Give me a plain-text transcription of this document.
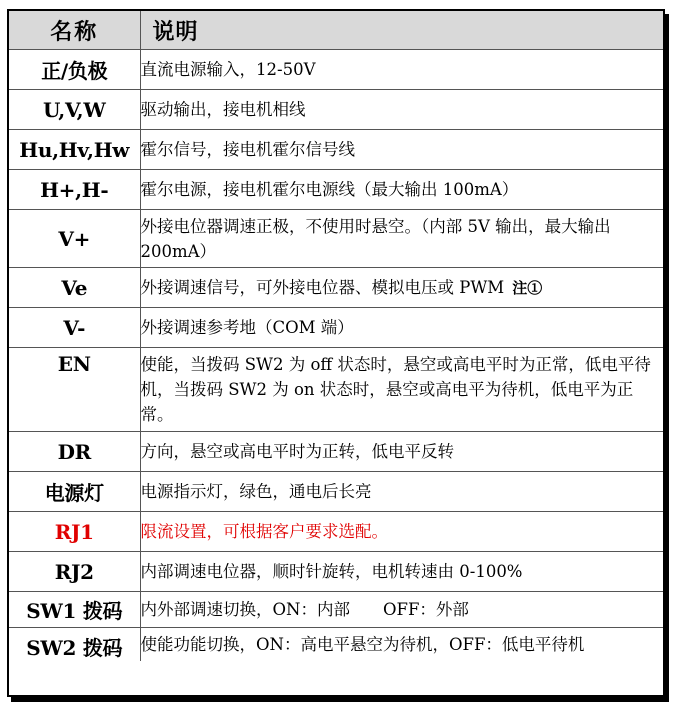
名称	说明
正/负极	直流电源输入，12-50V
U,V,W	驱动输出，接电机相线
Hu,Hv,Hw	霍尔信号，接电机霍尔信号线
H+,H-	霍尔电源，接电机霍尔电源线（最大输出 100mA）
V+	外接电位器调速正极，不使用时悬空。（内部 5V 输出，最大输出 200mA）
Ve	外接调速信号，可外接电位器、模拟电压或 PWM 注①
V-	外接调速参考地（COM 端）
EN	使能，当拨码 SW2 为 off 状态时，悬空或高电平时为正常，低电平待机，当拨码 SW2 为 on 状态时，悬空或高电平为待机，低电平为正常。
DR	方向，悬空或高电平时为正转，低电平反转
电源灯	电源指示灯，绿色，通电后长亮
RJ1	限流设置，可根据客户要求选配。
RJ2	内部调速电位器，顺时针旋转，电机转速由 0-100%
SW1 拨码	内外部调速切换，ON：内部　　OFF：外部
SW2 拨码	使能功能切换，ON：高电平悬空为待机，OFF：低电平待机
